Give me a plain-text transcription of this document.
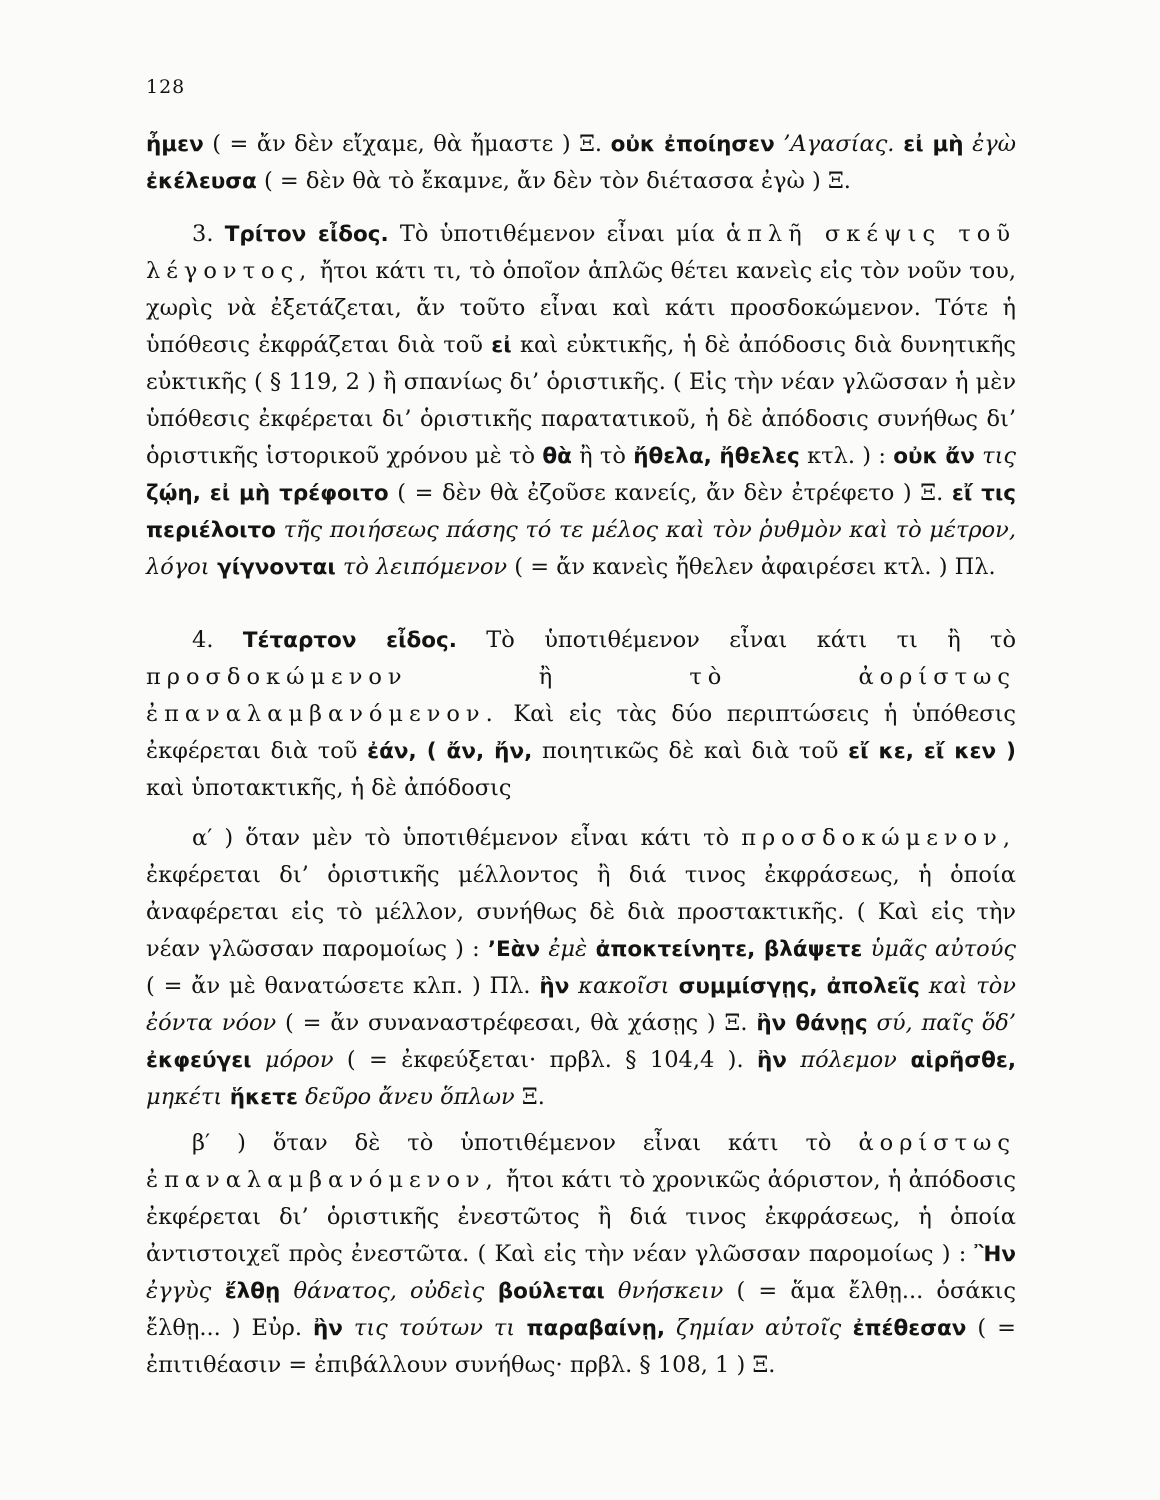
128

ἦμεν ( = ἄν δὲν εἴχαμε, θὰ ἤμαστε ) Ξ. οὐκ ἐποίησεν ’Αγασίας. εἰ μὴ ἐγὼ ἐκέλευσα ( = δὲν θὰ τὸ ἔκαμνε, ἄν δὲν τὸν διέτασσα ἐγὼ ) Ξ.

3. Τρίτον εἶδος. Τὸ ὑποτιθέμενον εἶναι μία ἁπλῆ σκέψις τοῦ λέγοντος, ἤτοι κάτι τι, τὸ ὁποῖον ἁπλῶς θέτει κανεὶς εἰς τὸν νοῦν του, χωρὶς νὰ ἐξετάζεται, ἄν τοῦτο εἶναι καὶ κάτι προσδοκώμενον. Τότε ἡ ὑπόθεσις ἐκφράζεται διὰ τοῦ εἰ καὶ εὐκτικῆς, ἡ δὲ ἀπόδοσις διὰ δυνητικῆς εὐκτικῆς ( § 119, 2 ) ἢ σπανίως δι’ ὁριστικῆς. ( Εἰς τὴν νέαν γλῶσσαν ἡ μὲν ὑπόθεσις ἐκφέρεται δι’ ὁριστικῆς παρατατικοῦ, ἡ δὲ ἀπόδοσις συνήθως δι’ ὁριστικῆς ἱστορικοῦ χρόνου μὲ τὸ θὰ ἢ τὸ ἤθελα, ἤθελες κτλ. ) : οὐκ ἄν τις ζῴη, εἰ μὴ τρέφοιτο ( = δὲν θὰ ἐζοῦσε κανείς, ἄν δὲν ἐτρέφετο ) Ξ. εἴ τις περιέλοιτο τῆς ποιήσεως πάσης τό τε μέλος καὶ τὸν ῥυθμὸν καὶ τὸ μέτρον, λόγοι γίγνονται τὸ λειπόμενον ( = ἄν κανεὶς ἤθελεν ἀφαιρέσει κτλ. ) Πλ.

4. Τέταρτον εἶδος. Τὸ ὑποτιθέμενον εἶναι κάτι τι ἢ τὸ προσδοκώμενον ἢ τὸ ἀορίστως ἐπαναλαμβανόμενον. Καὶ εἰς τὰς δύο περιπτώσεις ἡ ὑπόθεσις ἐκφέρεται διὰ τοῦ ἐάν, ( ἄν, ἤν, ποιητικῶς δὲ καὶ διὰ τοῦ εἴ κε, εἴ κεν ) καὶ ὑποτακτικῆς, ἡ δὲ ἀπόδοσις

α′ ) ὅταν μὲν τὸ ὑποτιθέμενον εἶναι κάτι τὸ προσδοκώμενον, ἐκφέρεται δι’ ὁριστικῆς μέλλοντος ἢ διά τινος ἐκφράσεως, ἡ ὁποία ἀναφέρεται εἰς τὸ μέλλον, συνήθως δὲ διὰ προστακτικῆς. ( Καὶ εἰς τὴν νέαν γλῶσσαν παρομοίως ) : ’Εὰν ἐμὲ ἀποκτείνητε, βλάψετε ὑμᾶς αὐτούς ( = ἄν μὲ θανατώσετε κλπ. ) Πλ. ἢν κακοῖσι συμμίσγῃς, ἀπολεῖς καὶ τὸν ἐόντα νόον ( = ἄν συναναστρέφεσαι, θὰ χάσῃς ) Ξ. ἢν θάνῃς σύ, παῖς ὅδ’ ἐκφεύγει μόρον ( = ἐκφεύξεται· πρβλ. § 104,4 ). ἢν πόλεμον αἱρῆσθε, μηκέτι ἥκετε δεῦρο ἄνευ ὅπλων Ξ.

β′ ) ὅταν δὲ τὸ ὑποτιθέμενον εἶναι κάτι τὸ ἀορίστως ἐπαναλαμβανόμενον, ἤτοι κάτι τὸ χρονικῶς ἀόριστον, ἡ ἀπόδοσις ἐκφέρεται δι’ ὁριστικῆς ἐνεστῶτος ἢ διά τινος ἐκφράσεως, ἡ ὁποία ἀντιστοιχεῖ πρὸς ἐνεστῶτα. ( Καὶ εἰς τὴν νέαν γλῶσσαν παρομοίως ) : Ἢν ἐγγὺς ἔλθῃ θάνατος, οὐδεὶς βούλεται θνήσκειν ( = ἅμα ἔλθῃ... ὁσάκις ἔλθῃ... ) Εὐρ. ἢν τις τούτων τι παραβαίνῃ, ζημίαν αὐτοῖς ἐπέθεσαν ( = ἐπιτιθέασιν = ἐπιβάλλουν συνήθως· πρβλ. § 108, 1 ) Ξ.
